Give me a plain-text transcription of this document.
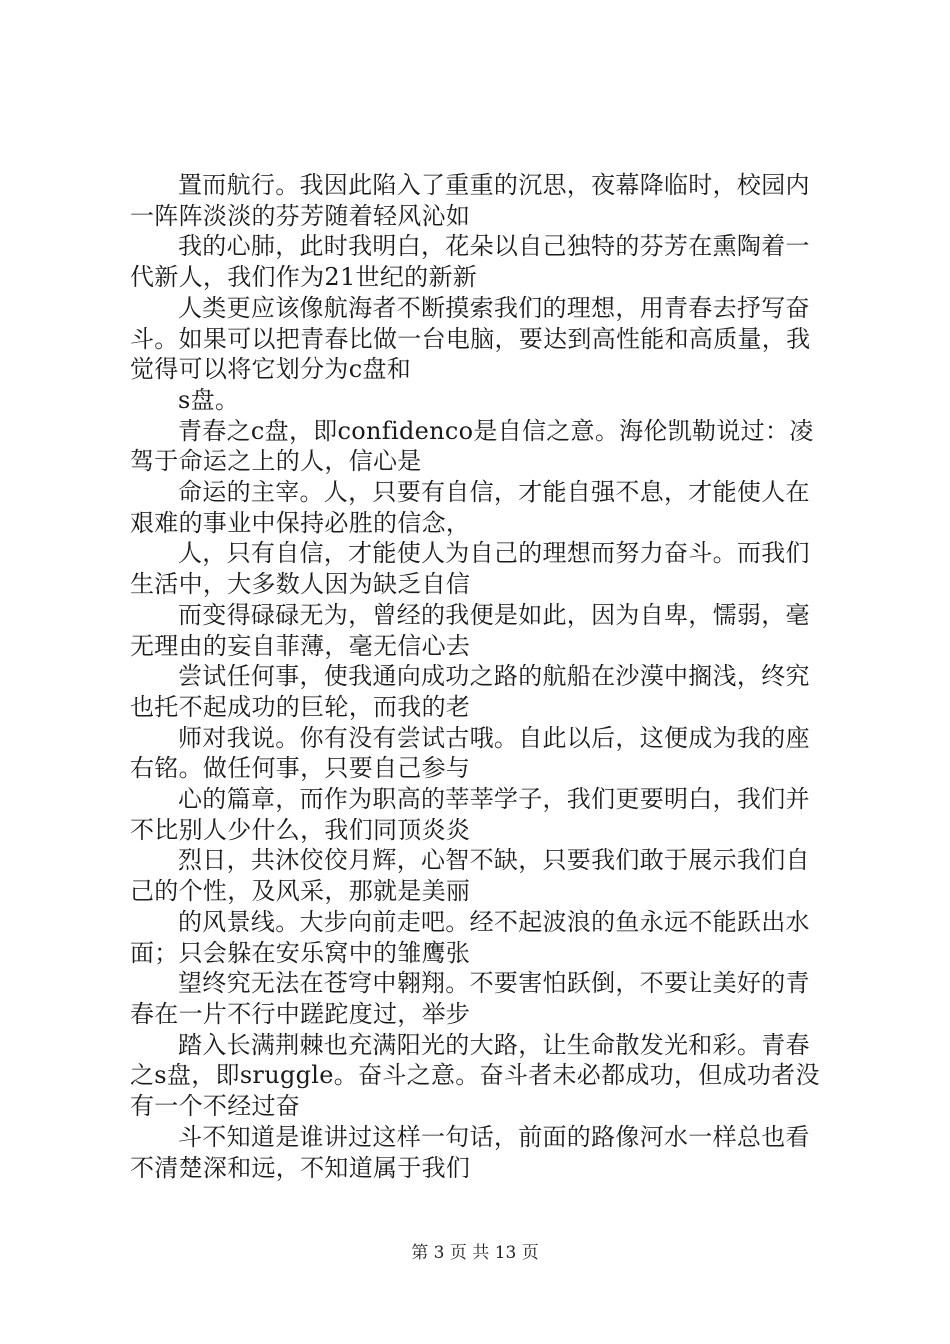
置而航行。我因此陷入了重重的沉思，夜幕降临时，校园内一阵阵淡淡的芬芳随着轻风沁如

我的心肺，此时我明白，花朵以自己独特的芬芳在熏陶着一代新人，我们作为21世纪的新新

人类更应该像航海者不断摸索我们的理想，用青春去抒写奋斗。如果可以把青春比做一台电脑，要达到高性能和高质量，我觉得可以将它划分为c盘和

s盘。

青春之c盘，即confidenco是自信之意。海伦凯勒说过：凌驾于命运之上的人，信心是

命运的主宰。人，只要有自信，才能自强不息，才能使人在艰难的事业中保持必胜的信念，

人，只有自信，才能使人为自己的理想而努力奋斗。而我们生活中，大多数人因为缺乏自信

而变得碌碌无为，曾经的我便是如此，因为自卑，懦弱，毫无理由的妄自菲薄，毫无信心去

尝试任何事，使我通向成功之路的航船在沙漠中搁浅，终究也托不起成功的巨轮，而我的老

师对我说。你有没有尝试古哦。自此以后，这便成为我的座右铭。做任何事，只要自己参与

心的篇章，而作为职高的莘莘学子，我们更要明白，我们并不比别人少什么，我们同顶炎炎

烈日，共沐佼佼月辉，心智不缺，只要我们敢于展示我们自己的个性，及风采，那就是美丽

的风景线。大步向前走吧。经不起波浪的鱼永远不能跃出水面；只会躲在安乐窝中的雏鹰张

望终究无法在苍穹中翱翔。不要害怕跃倒，不要让美好的青春在一片不行中蹉跎度过，举步

踏入长满荆棘也充满阳光的大路，让生命散发光和彩。青春之s盘，即sruggle。奋斗之意。奋斗者未必都成功，但成功者没有一个不经过奋

斗不知道是谁讲过这样一句话，前面的路像河水一样总也看不清楚深和远，不知道属于我们

第 3 页 共 13 页
